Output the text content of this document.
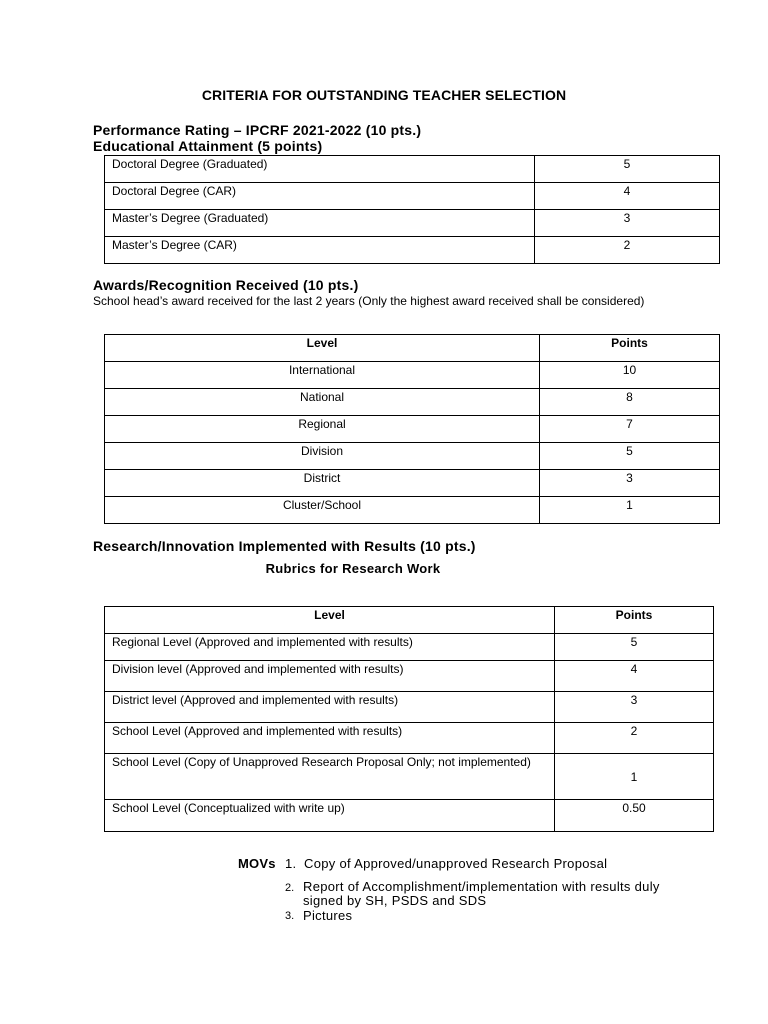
CRITERIA FOR OUTSTANDING TEACHER SELECTION
Performance Rating – IPCRF 2021-2022 (10 pts.)
Educational Attainment (5 points)
Doctoral Degree (Graduated)	5
Doctoral Degree (CAR)	4
Master’s Degree (Graduated)	3
Master’s Degree (CAR)	2
Awards/Recognition Received (10 pts.)
School head’s award received for the last 2 years (Only the highest award received shall be considered)
Level	Points
International	10
National	8
Regional	7
Division	5
District	3
Cluster/School	1
Research/Innovation Implemented with Results (10 pts.)
Rubrics for Research Work
Level	Points
Regional Level (Approved and implemented with results)	5
Division level (Approved and implemented with results)	4
District level (Approved and implemented with results)	3
School Level (Approved and implemented with results)	2
School Level (Copy of Unapproved Research Proposal Only; not implemented)	1
School Level (Conceptualized with write up)	0.50
MOVs 1. Copy of Approved/unapproved Research Proposal
2. Report of Accomplishment/implementation with results duly signed by SH, PSDS and SDS
3. Pictures
